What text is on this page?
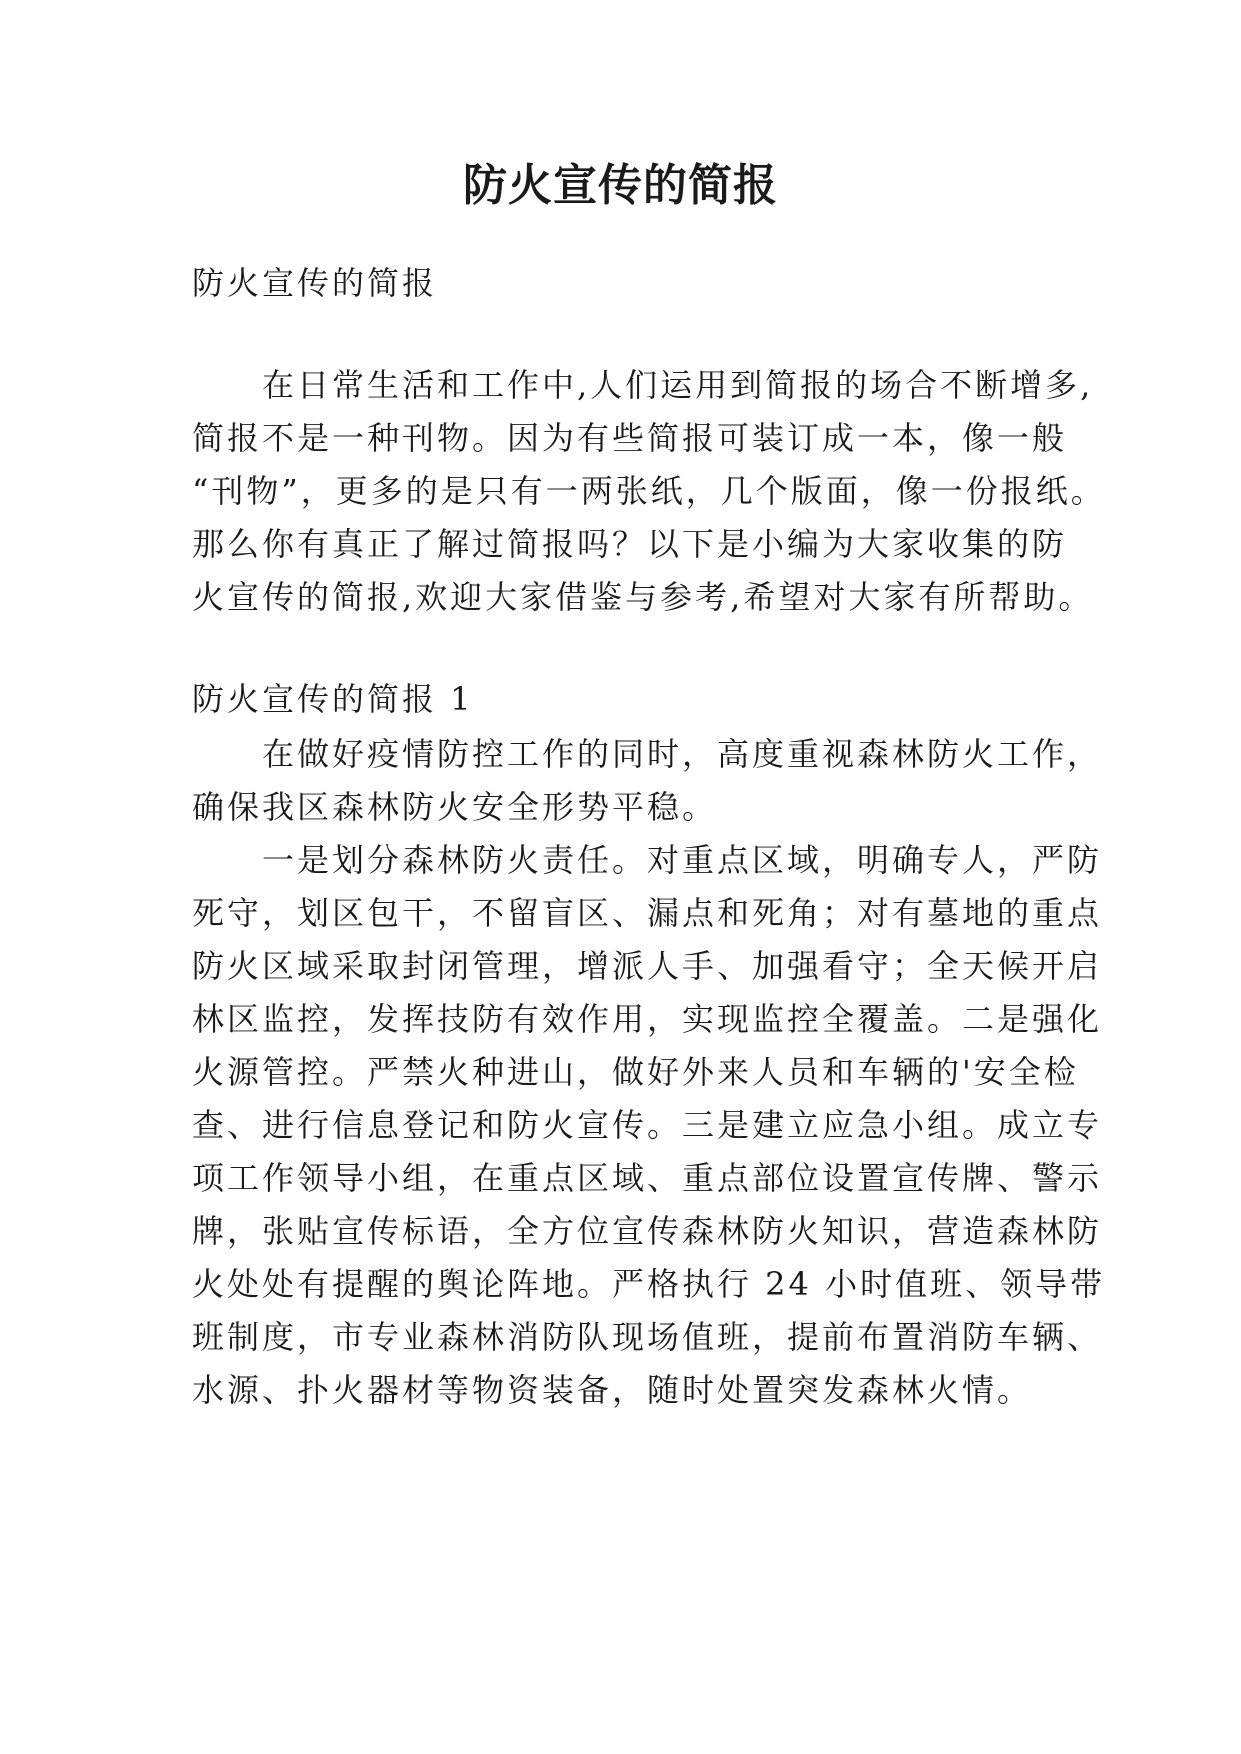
防火宣传的简报
防火宣传的简报
　　在日常生活和工作中,人们运用到简报的场合不断增多,
简报不是一种刊物。因为有些简报可装订成一本，像一般
“刊物”，更多的是只有一两张纸，几个版面，像一份报纸。
那么你有真正了解过简报吗？以下是小编为大家收集的防
火宣传的简报,欢迎大家借鉴与参考,希望对大家有所帮助。
防火宣传的简报 1
　　在做好疫情防控工作的同时，高度重视森林防火工作，
确保我区森林防火安全形势平稳。
　　一是划分森林防火责任。对重点区域，明确专人，严防
死守，划区包干，不留盲区、漏点和死角；对有墓地的重点
防火区域采取封闭管理，增派人手、加强看守；全天候开启
林区监控，发挥技防有效作用，实现监控全覆盖。二是强化
火源管控。严禁火种进山，做好外来人员和车辆的'安全检
查、进行信息登记和防火宣传。三是建立应急小组。成立专
项工作领导小组，在重点区域、重点部位设置宣传牌、警示
牌，张贴宣传标语，全方位宣传森林防火知识，营造森林防
火处处有提醒的舆论阵地。严格执行 24 小时值班、领导带
班制度，市专业森林消防队现场值班，提前布置消防车辆、
水源、扑火器材等物资装备，随时处置突发森林火情。
